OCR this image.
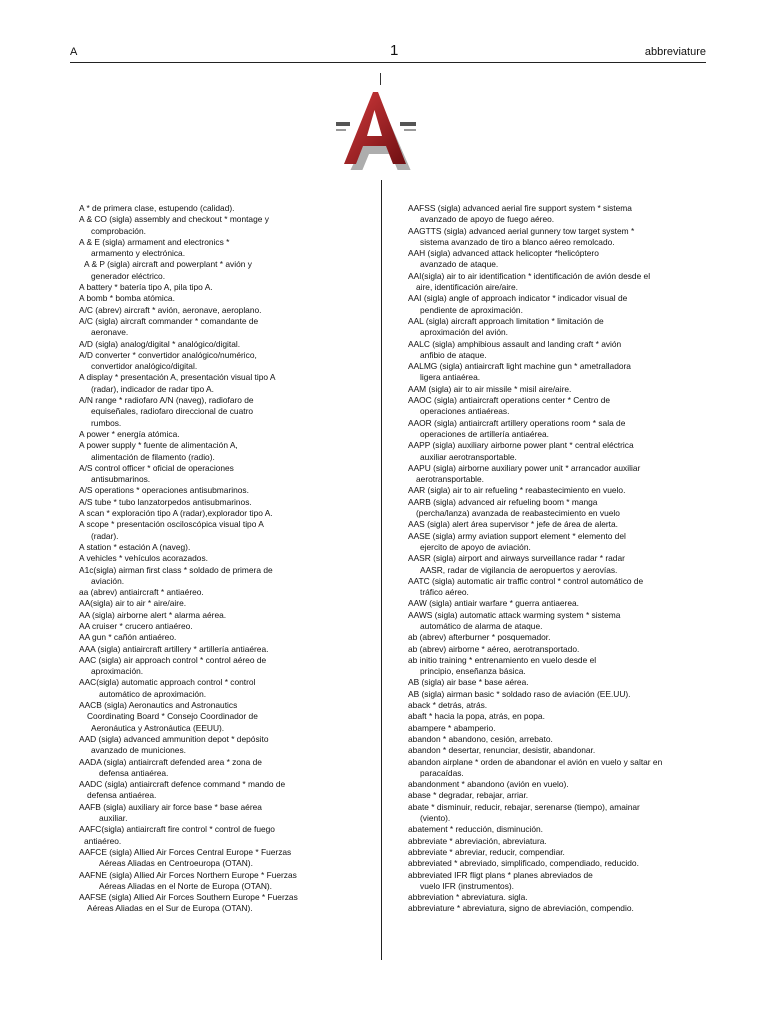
A	1	abbreviature

A * de primera clase, estupendo (calidad).

A & CO (sigla) assembly and checkout * montage y

comprobación.

A & E (sigla) armament and electronics *

armamento y electrónica.

A & P (sigla) aircraft and powerplant * avión y

generador eléctrico.

A battery * batería tipo A, pila tipo A.

A bomb * bomba atómica.

A/C (abrev) aircraft * avión, aeronave, aeroplano.

A/C (sigla) aircraft commander * comandante de

aeronave.

A/D (sigla) analog/digital * analógico/digital.

A/D converter * convertidor analógico/numérico,

convertidor analógico/digital.

A display * presentación A, presentación visual tipo A

(radar), indicador de radar tipo A.

A/N range * radiofaro A/N (naveg), radiofaro de

equiseñales, radiofaro direccional de cuatro

rumbos.

A power * energía atómica.

A power supply * fuente de alimentación A,

alimentación de filamento (radio).

A/S control officer * oficial de operaciones

antisubmarinos.

A/S operations * operaciones antisubmarinos.

A/S tube * tubo lanzatorpedos antisubmarinos.

A scan * exploración tipo A (radar),explorador tipo A.

A scope * presentación osciloscópica visual tipo A

(radar).

A station * estación A (naveg).

A vehicles * vehículos acorazados.

A1c(sigla) airman first class * soldado de primera de

aviación.

aa (abrev) antiaircraft * antiaéreo.

AA(sigla) air to air * aire/aire.

AA (sigla) airborne alert * alarma aérea.

AA cruiser * crucero antiaéreo.

AA gun * cañón antiaéreo.

AAA (sigla) antiaircraft artillery * artillería antiaérea.

AAC (sigla) air approach control * control aéreo de

aproximación.

AAC(sigla) automatic approach control * control

automático de aproximación.

AACB (sigla) Aeronautics and Astronautics

Coordinating Board * Consejo Coordinador de

Aeronáutica y Astronáutica (EEUU).

AAD (sigla) advanced ammunition depot * depósito

avanzado de municiones.

AADA (sigla) antiaircraft defended area * zona de

defensa antiaérea.

AADC (sigla) antiaircraft defence command * mando de

defensa antiaérea.

AAFB (sigla) auxiliary air force base * base aérea

auxiliar.

AAFC(sigla) antiaircraft fire control * control de fuego

antiaéreo.

AAFCE (sigla) Allied Air Forces Central Europe * Fuerzas

Aéreas Aliadas en Centroeuropa (OTAN).

AAFNE (sigla) Allied Air Forces Northern Europe * Fuerzas

Aéreas Aliadas en el Norte de Europa (OTAN).

AAFSE (sigla) Allied Air Forces Southern Europe * Fuerzas

Aéreas Aliadas en el Sur de Europa (OTAN).

AAFSS (sigla) advanced aerial fire support system * sistema

avanzado de apoyo de fuego aéreo.

AAGTTS (sigla) advanced aerial gunnery tow target system *

sistema avanzado de tiro a blanco aéreo remolcado.

AAH (sigla) advanced attack helicopter *helicóptero

avanzado de ataque.

AAI(sigla) air to air identification * identificación de avión desde el

aire, identificación aire/aire.

AAI (sigla) angle of approach indicator * indicador visual de

pendiente de aproximación.

AAL (sigla) aircraft approach limitation * limitación de

aproximación del avión.

AALC (sigla) amphibious assault and landing craft * avión

anfibio de ataque.

AALMG (sigla) antiaircraft light machine gun * ametralladora

ligera antiaérea.

AAM (sigla) air to air missile * misil aire/aire.

AAOC (sigla) antiaircraft operations center * Centro de

operaciones antiaéreas.

AAOR (sigla) antiaircraft artillery operations room * sala de

operaciones de artillería antiaérea.

AAPP (sigla) auxiliary airborne power plant * central eléctrica

auxiliar aerotransportable.

AAPU (sigla) airborne auxiliary power unit * arrancador auxiliar

aerotransportable.

AAR (sigla) air to air refueling * reabastecimiento en vuelo.

AARB (sigla) advanced air refueling boom * manga

(percha/lanza) avanzada de reabastecimiento en vuelo

AAS (sigla) alert área supervisor * jefe de área de alerta.

AASE (sigla) army aviation support element * elemento del

ejercito de apoyo de aviación.

AASR (sigla) airport and airways surveillance radar * radar

AASR, radar de vigilancia de aeropuertos y aerovías.

AATC (sigla) automatic air traffic control * control automático de

tráfico aéreo.

AAW (sigla) antiair warfare * guerra antiaerea.

AAWS (sigla) automatic attack warming system * sistema

automático de alarma de ataque.

ab (abrev) afterburner * posquemador.

ab (abrev) airborne * aéreo, aerotransportado.

ab initio training * entrenamiento en vuelo desde el

principio, enseñanza básica.

AB (sigla) air base * base aérea.

AB (sigla) airman basic * soldado raso de aviación (EE.UU).

aback * detrás, atrás.

abaft * hacia la popa, atrás, en popa.

abampere * abamperio.

abandon * abandono, cesión, arrebato.

abandon * desertar, renunciar, desistir, abandonar.

abandon airplane * orden de abandonar el avión en vuelo y saltar en

paracaídas.

abandonment * abandono (avión en vuelo).

abase * degradar, rebajar, arriar.

abate * disminuir, reducir, rebajar, serenarse (tiempo), amainar

(viento).

abatement * reducción, disminución.

abbreviate * abreviación, abreviatura.

abbreviate * abreviar, reducir, compendiar.

abbreviated * abreviado, simplificado, compendiado, reducido.

abbreviated IFR fligt plans * planes abreviados de

vuelo IFR (instrumentos).

abbreviation * abreviatura. sigla.

abbreviature * abreviatura, signo de abreviación, compendio.
